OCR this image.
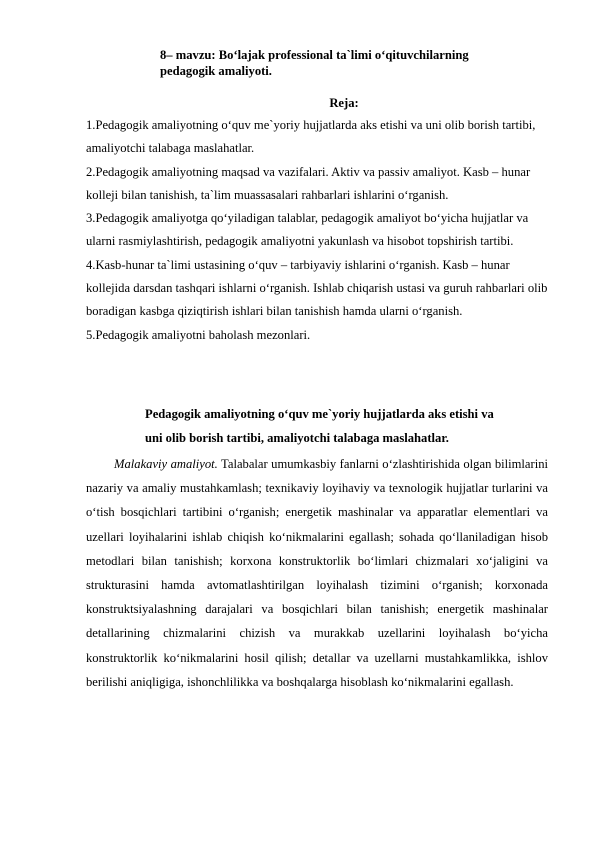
8– mavzu: Bo‘lajak professional ta`limi o‘qituvchilarning
pedagogik amaliyoti.
Reja:

1.Pedagogik amaliyotning o‘quv me`yoriy hujjatlarda aks etishi va uni olib borish tartibi, amaliyotchi talabaga maslahatlar.

2.Pedagogik amaliyotning maqsad va vazifalari. Aktiv va passiv amaliyot. Kasb – hunar kolleji bilan tanishish, ta`lim muassasalari rahbarlari ishlarini o‘rganish.

3.Pedagogik amaliyotga qo‘yiladigan talablar, pedagogik amaliyot bo‘yicha hujjatlar va ularni rasmiylashtirish, pedagogik amaliyotni yakunlash va hisobot topshirish tartibi.

4.Kasb-hunar ta`limi ustasining o‘quv – tarbiyaviy ishlarini o‘rganish. Kasb – hunar kollejida darsdan tashqari ishlarni o‘rganish. Ishlab chiqarish ustasi va guruh rahbarlari olib boradigan kasbga qiziqtirish ishlari bilan tanishish hamda ularni o‘rganish.

5.Pedagogik amaliyotni baholash mezonlari.

Pedagogik amaliyotning o‘quv me`yoriy hujjatlarda aks etishi va
uni olib borish tartibi, amaliyotchi talabaga maslahatlar.

Malakaviy amaliyot. Talabalar umumkasbiy fanlarni o‘zlashtirishida olgan bilimlarini nazariy va amaliy mustahkamlash; texnikaviy loyihaviy va texnologik hujjatlar turlarini va o‘tish bosqichlari tartibini o‘rganish; energetik mashinalar va apparatlar elementlari va uzellari loyihalarini ishlab chiqish ko‘nikmalarini egallash; sohada qo‘llaniladigan hisob metodlari bilan tanishish; korxona konstruktorlik bo‘limlari chizmalari xo‘jaligini va strukturasini hamda avtomatlashtirilgan loyihalash tizimini o‘rganish; korxonada konstruktsiyalashning darajalari va bosqichlari bilan tanishish; energetik mashinalar detallarining chizmalarini chizish va murakkab uzellarini loyihalash bo‘yicha konstruktorlik ko‘nikmalarini hosil qilish; detallar va uzellarni mustahkamlikka, ishlov berilishi aniqligiga, ishonchlilikka va boshqalarga hisoblash ko‘nikmalarini egallash.
